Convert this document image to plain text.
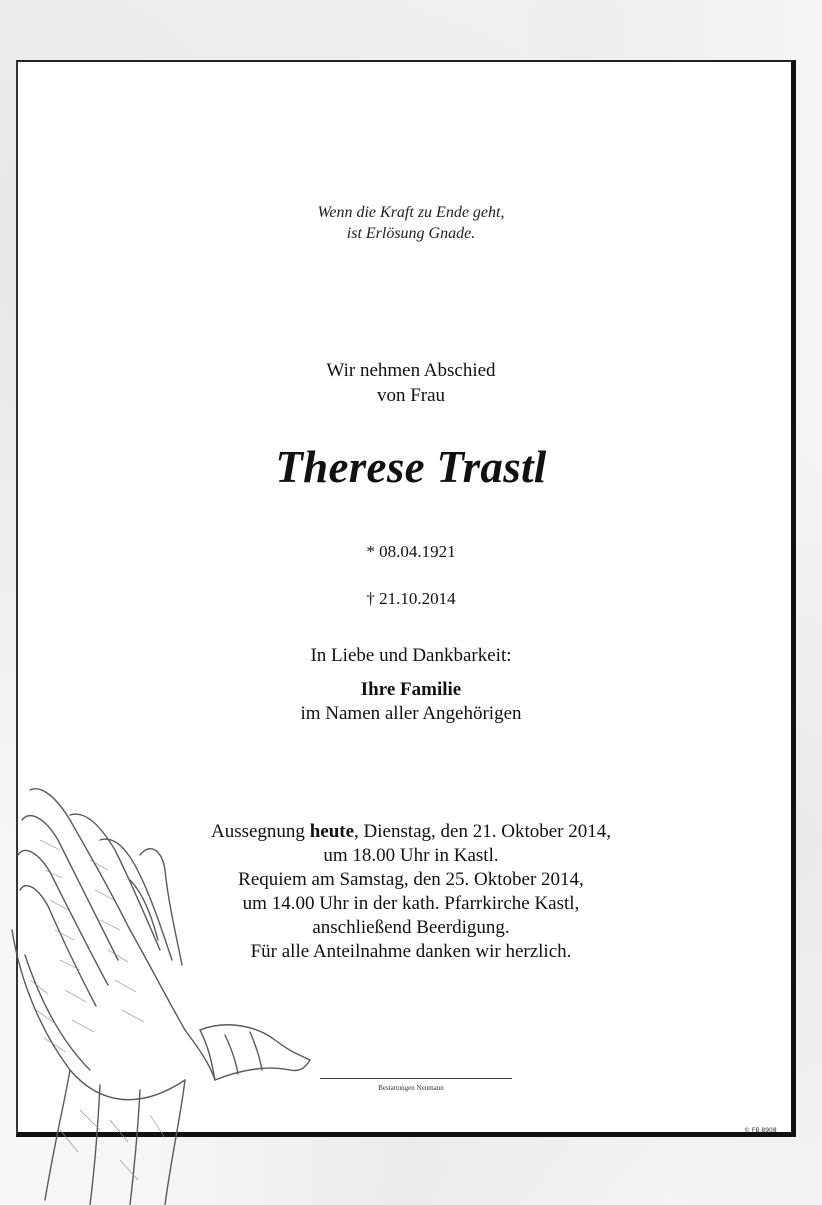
Wenn die Kraft zu Ende geht,
ist Erlösung Gnade.
Wir nehmen Abschied
von Frau
Therese Trastl
* 08.04.1921
† 21.10.2014
In Liebe und Dankbarkeit:
Ihre Familie
im Namen aller Angehörigen
Aussegnung heute, Dienstag, den 21. Oktober 2014,
um 18.00 Uhr in Kastl.
Requiem am Samstag, den 25. Oktober 2014,
um 14.00 Uhr in der kath. Pfarrkirche Kastl,
anschließend Beerdigung.
Für alle Anteilnahme danken wir herzlich.
Bestattungen Neumann
© FB 8908
